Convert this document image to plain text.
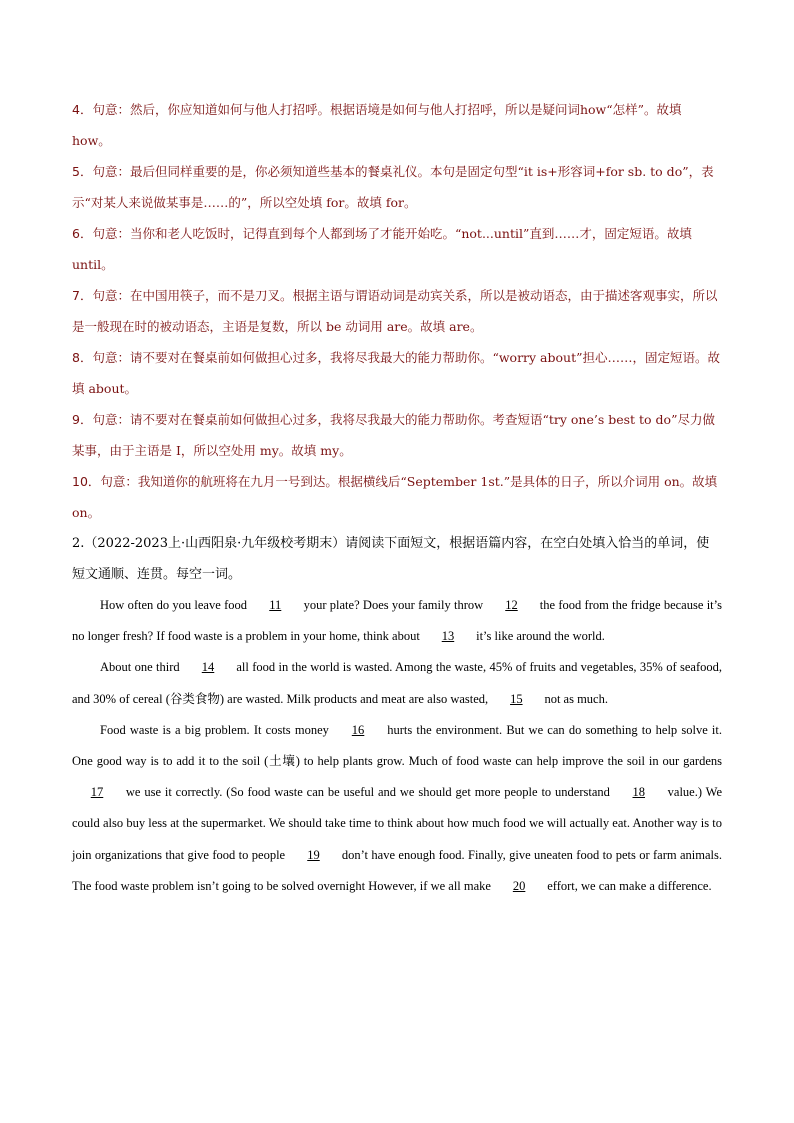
4．句意：然后，你应知道如何与他人打招呼。根据语境是如何与他人打招呼，所以是疑问词how“怎样”。故填 how。

5．句意：最后但同样重要的是，你必须知道些基本的餐桌礼仪。本句是固定句型“it is+形容词+for sb. to do”，表示“对某人来说做某事是……的”，所以空处填 for。故填 for。

6．句意：当你和老人吃饭时，记得直到每个人都到场了才能开始吃。“not...until”直到……才，固定短语。故填 until。

7．句意：在中国用筷子，而不是刀叉。根据主语与谓语动词是动宾关系，所以是被动语态，由于描述客观事实，所以是一般现在时的被动语态，主语是复数，所以 be 动词用 are。故填 are。

8．句意：请不要对在餐桌前如何做担心过多，我将尽我最大的能力帮助你。“worry about”担心……，固定短语。故填 about。

9．句意：请不要对在餐桌前如何做担心过多，我将尽我最大的能力帮助你。考查短语“try one’s best to do”尽力做某事，由于主语是 I，所以空处用 my。故填 my。

10．句意：我知道你的航班将在九月一号到达。根据横线后“September 1st.”是具体的日子，所以介词用 on。故填 on。

2.（2022-2023上·山西阳泉·九年级校考期末）请阅读下面短文，根据语篇内容，在空白处填入恰当的单词，使短文通顺、连贯。每空一词。

How often do you leave food 11 your plate? Does your family throw 12 the food from the fridge because it’s no longer fresh? If food waste is a problem in your home, think about 13 it’s like around the world.

About one third 14 all food in the world is wasted. Among the waste, 45% of fruits and vegetables, 35% of seafood, and 30% of cereal (谷类食物) are wasted. Milk products and meat are also wasted, 15 not as much.

Food waste is a big problem. It costs money 16 hurts the environment. But we can do something to help solve it. One good way is to add it to the soil (土壤) to help plants grow. Much of food waste can help improve the soil in our gardens 17 we use it correctly. (So food waste can be useful and we should get more people to understand 18 value.) We could also buy less at the supermarket. We should take time to think about how much food we will actually eat. Another way is to join organizations that give food to people 19 don’t have enough food. Finally, give uneaten food to pets or farm animals. The food waste problem isn’t going to be solved overnight However, if we all make 20 effort, we can make a difference.
